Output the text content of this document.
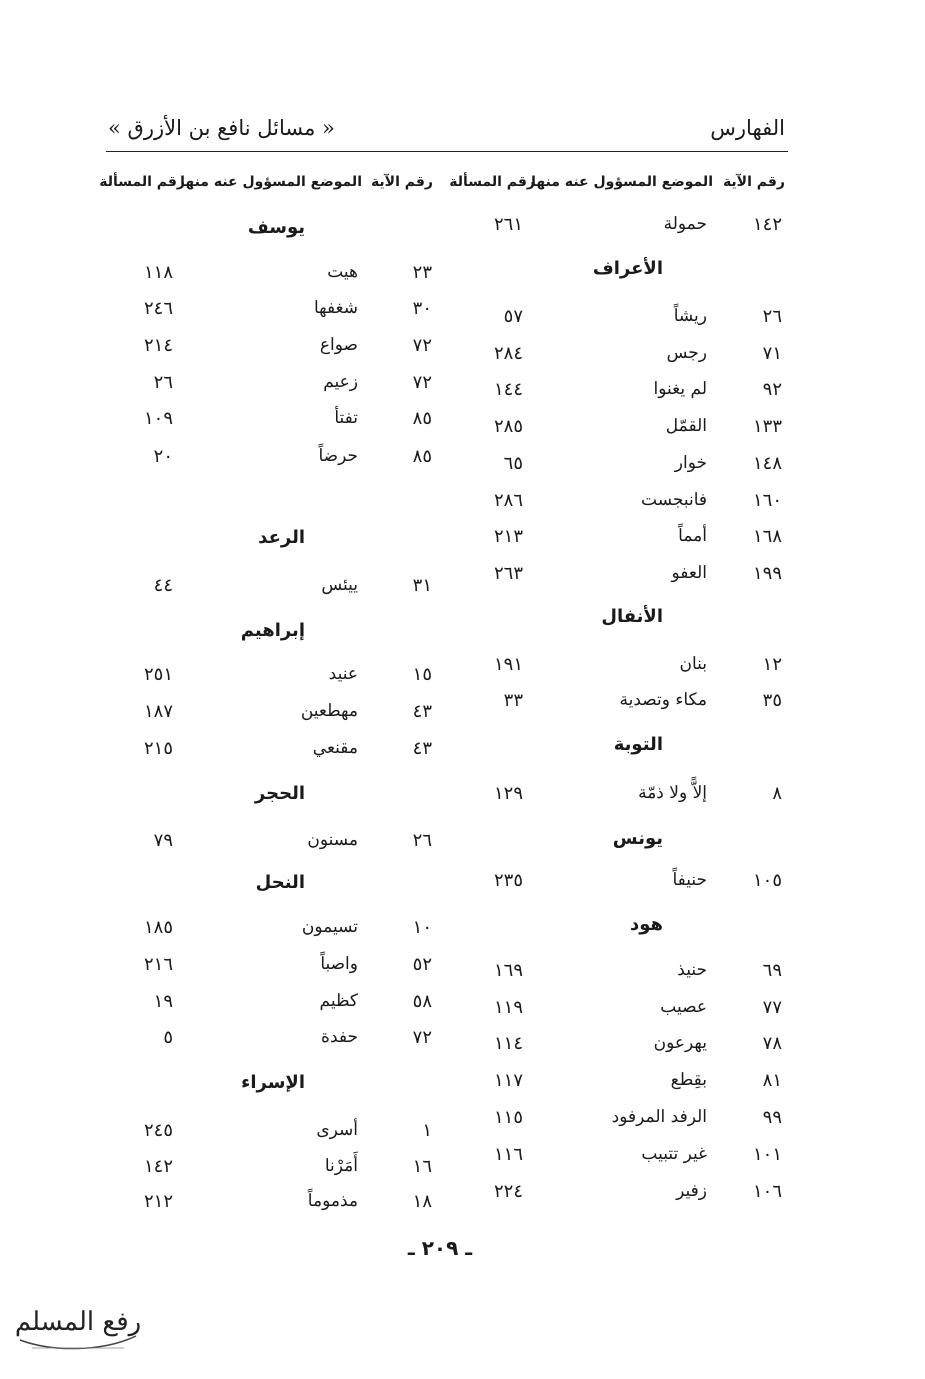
الفهارس
« مسائل نافع بن الأزرق »
رقم الآية
الموضع المسؤول عنه منها
رقم المسألة
رقم الآية
الموضع المسؤول عنه منها
رقم المسألة
١٤٢
حمولة
٢٦١
الأعراف
٢٦
ريشاً
٥٧
٧١
رجس
٢٨٤
٩٢
لم يغنوا
١٤٤
١٣٣
القمّل
٢٨٥
١٤٨
خوار
٦٥
١٦٠
فانبجست
٢٨٦
١٦٨
أمماً
٢١٣
١٩٩
العفو
٢٦٣
الأنفال
١٢
بنان
١٩١
٣٥
مكاء وتصدية
٣٣
التوبة
٨
إلاًّ ولا ذمّة
١٢٩
يونس
١٠٥
حنيفاً
٢٣٥
هود
٦٩
حنيذ
١٦٩
٧٧
عصيب
١١٩
٧٨
يهرعون
١١٤
٨١
بقِطع
١١٧
٩٩
الرفد المرفود
١١٥
١٠١
غير تتبيب
١١٦
١٠٦
زفير
٢٢٤
يوسف
٢٣
هيت
١١٨
٣٠
شغفها
٢٤٦
٧٢
صواع
٢١٤
٧٢
زعيم
٢٦
٨٥
تفتأ
١٠٩
٨٥
حرضاً
٢٠
الرعد
٣١
ييئس
٤٤
إبراهيم
١٥
عنيد
٢٥١
٤٣
مهطعين
١٨٧
٤٣
مقنعي
٢١٥
الحجر
٢٦
مسنون
٧٩
النحل
١٠
تسيمون
١٨٥
٥٢
واصباً
٢١٦
٥٨
كظيم
١٩
٧٢
حفدة
٥
الإسراء
١
أسرى
٢٤٥
١٦
أَمَرْنا
١٤٢
١٨
مذموماً
٢١٢
ـ ٢٠٩ ـ
رفع المسلم
